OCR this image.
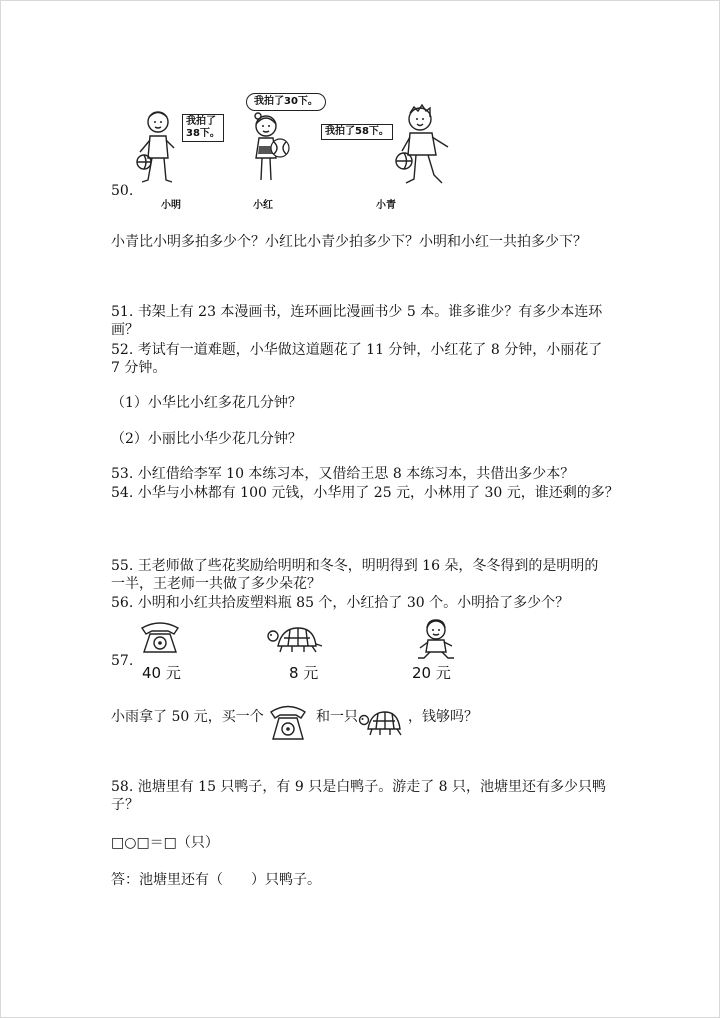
50.
我拍了
38下。
我拍了30下。
我拍了58下。
小明	小红	小青
小青比小明多拍多少个？小红比小青少拍多少下？小明和小红一共拍多少下？
51. 书架上有 23 本漫画书，连环画比漫画书少 5 本。谁多谁少？有多少本连环
画？
52. 考试有一道难题，小华做这道题花了 11 分钟，小红花了 8 分钟，小丽花了
7 分钟。
（1）小华比小红多花几分钟？
（2）小丽比小华少花几分钟？
53. 小红借给李军 10 本练习本，又借给王思 8 本练习本，共借出多少本？
54. 小华与小林都有 100 元钱，小华用了 25 元，小林用了 30 元，谁还剩的多？
55. 王老师做了些花奖励给明明和冬冬，明明得到 16 朵，冬冬得到的是明明的
一半，王老师一共做了多少朵花？
56. 小明和小红共拾废塑料瓶 85 个，小红拾了 30 个。小明拾了多少个？
57.
40 元	8 元	20 元
小雨拿了 50 元，买一个	和一只	，钱够吗？
58. 池塘里有 15 只鸭子，有 9 只是白鸭子。游走了 8 只，池塘里还有多少只鸭
子？
□○□＝□（只）
答：池塘里还有（　　）只鸭子。
